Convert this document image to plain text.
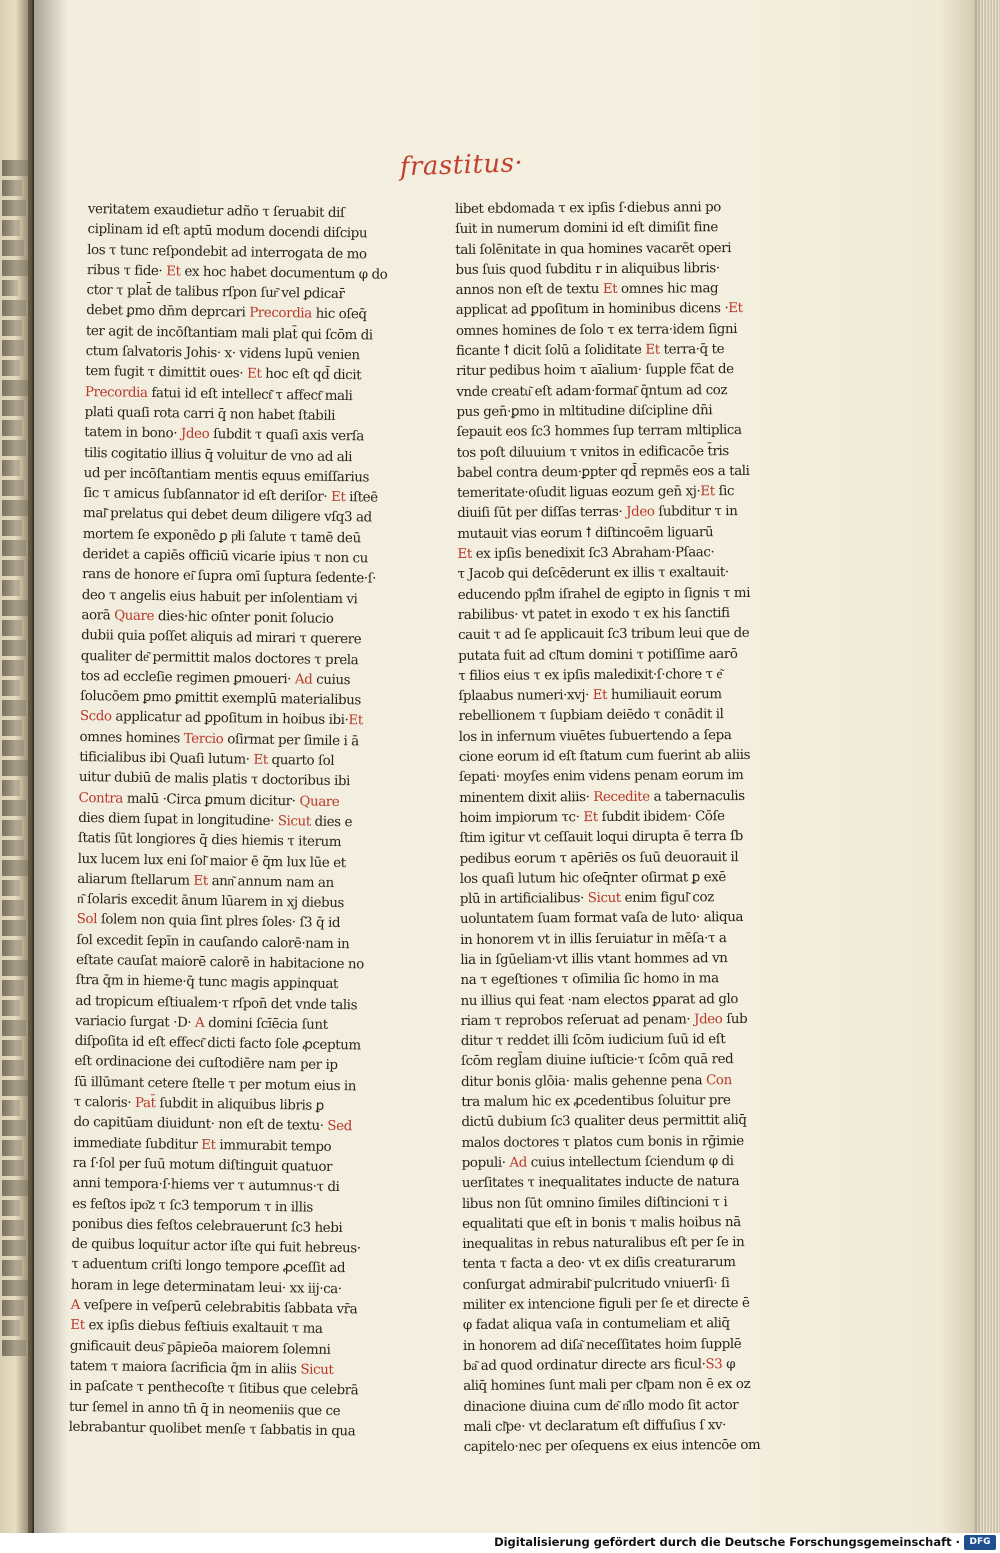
frastitus·
veritatem exaudietur adño τ ſeruabit diſ
ciplinam id eſt aptū modum docendi diſcipu
los τ tunc reſpondebit ad interrogata de mo
ribus τ fide· Et ex hoc habet documentum φ do
ctor τ plat̄ de talibus rſpon ſur͂ vel ꝑdicar̄
debet ꝑmo dn̄m deprcari Precordia hic oſeq̄
ter agit de incōſtantiam mali plat̄ qui ſcōm di
ctum ſalvatoris Johis· x· videns lupū venien
tem fugit τ dimittit oues· Et hoc eſt qd̄ dicit
Precordia fatui id eſt intellect͂ τ affect͂ mali
plati quaſi rota carri q̄ non habet ſtabili
tatem in bono· Jdeo ſubdit τ quaſi axis verſa
tilis cogitatio illius q̄ voluitur de vno ad ali
ud per incōſtantiam mentis equus emiſſarius
ſic τ amicus ſubſannator id eſt deriſor· Et iſteē
mal͂ prelatus qui debet deum diligere vſq3 ad
mortem ſe exponēdo ꝑ pͥli ſalute τ tamē deū
deridet a capiēs officiū vicarie ipius τ non cu
rans de honore ei͂ ſupra omī ſuptura ſedente·ſ·
deo τ angelis eius habuit per inſolentiam vi
aorā Quare dies·hic oſnter ponit ſolucio
dubii quia poſſet aliquis ad mirari τ querere
qualiter de͂ permittit malos doctores τ prela
tos ad eccleſie regimen ꝑmoueri· Ad cuius
ſolucōem ꝑmo ꝑmittit exemplū materialibus
Scdo applicatur ad ꝑpoſitum in hoibus ibi·Et
omnes homines Tercio oſirmat per ſimile i ā
tificialibus ibi Quaſi lutum· Et quarto ſol
uitur dubiū de malis platis τ doctoribus ibi
Contra malū ·Circa ꝑmum dicitur· Quare
dies diem ſupat in longitudine· Sicut dies e
ſtatis ſūt longiores q̄ dies hiemis τ iterum
lux lucem lux eni ſol͂ maior ē q̄m lux lūe et
aliarum ſtellarum Et ann͂ annum nam an
n͂ ſolaris excedit ānum lūarem in xj diebus
Sol ſolem non quia ſint plres ſoles· ſ3 q̄ id
ſol excedit ſepīn in cauſando calorē·nam in
eſtate cauſat maiorē calorē in habitacione no
ſtra q̄m in hieme·q̄ tunc magis appinquat
ad tropicum eſtiualem·τ rſpon̄ det vnde talis
variacio ſurgat ·D· A domini ſcīēcia ſunt
diſpoſita id eſt effect͂ dicti facto ſole ꝓceptum
eſt ordinacione dei cuſtodiēre nam per ip
ſū illūmant cetere ſtelle τ per motum eius in
τ caloris· Pat̄ ſubdit in aliquibus libris ꝑ
do capitūam diuidunt· non eſt de textu· Sed
immediate ſubditur Et immurabit tempo
ra ſ·ſol per ſuū motum diſtinguit quatuor
anni tempora·ſ·hiems ver τ autumnus·τ di
es feſtos ipo͂z τ ſc3 temporum τ in illis
ponibus dies feſtos celebrauerunt ſc3 hebi
de quibus loquitur actor iſte qui fuit hebreus·
τ aduentum criſti longo tempore ꝓceſſit ad
horam in lege determinatam leui· xx iij·ca·
A veſpere in veſperū celebrabitis ſabbata vr̄a
Et ex ipſis diebus feſtiuis exaltauit τ ma
gnificauit deus͂ pāpieōa maiorem ſolemni
tatem τ maiora ſacrificia q̄m in aliis Sicut
in paſcate τ penthecoſte τ ſitibus que celebrā
tur ſemel in anno tn̄ q̄ in neomeniis que ce
lebrabantur quolibet menſe τ ſabbatis in qua
libet ebdomada τ ex ipſis ſ·diebus anni po
ſuit in numerum domini id eſt dimiſit fine
tali ſolēnitate in qua homines vacarēt operi
bus ſuis quod ſubditu r in aliquibus libris·
annos non eſt de textu Et omnes hic mag
applicat ad ꝑpoſitum in hominibus dicens ·Et
omnes homines de ſolo τ ex terra·idem ſigni
ficante ꝉ dicit ſolū a ſoliditate Et terra·q̄ te
ritur pedibus hoim τ aīalium· ſupple fc̄at de
vnde creatu͂ eſt adam·format͂ q̄ntum ad coz
pus gen̄·ꝑmo in mltitudine diſcipline dn̄i
ſepauit eos ſc3 hommes ſup terram mltiplica
tos poſt diluuium τ vnitos in edificacōe t̄ris
babel contra deum·ꝑpter qd̄ repmēs eos a tali
temeritate·oſudit liguas eozum gen̄ xj·Et ſic
diuiſi ſūt per diſſas terras· Jdeo ſubditur τ in
mutauit vias eorum ꝉ diſtincoēm liguarū
Et ex ipſis benedixit ſc3 Abraham·Pſaac·
τ Jacob qui deſcēderunt ex illis τ exaltauit·
educendo pp͂lm iſrahel de egipto in ſignis τ mi
rabilibus· vt patet in exodo τ ex his ſanctifi
cauit τ ad ſe applicauit ſc3 tribum leui que de
putata fuit ad cl͂tum domini τ potiſſime aarō
τ filios eius τ ex ipſis maledixit·ſ·chore τ e͂
ſplaabus numeri·xvj· Et humiliauit eorum
rebellionem τ ſupbiam deiēdo τ conādit il
los in infernum viuētes ſubuertendo a ſepa
cione eorum id eſt ſtatum cum fuerint ab aliis
ſepati· moyſes enim videns penam eorum im
minentem dixit aliis· Recedite a tabernaculis
hoim impiorum τc· Et ſubdit ibidem· Cōſe
ſtim igitur vt ceſſauit loqui dirupta ē terra ſb
pedibus eorum τ apēriēs os ſuū deuorauit il
los quaſi lutum hic oſeq̄nter oſirmat ꝑ exē
plū in artificialibus· Sicut enim figul͂ coz
uoluntatem ſuam format vaſa de luto· aliqua
in honorem vt in illis ſeruiatur in mēſa·τ a
lia in ſgūeliam·vt illis vtant hommes ad vn
na τ egeſtiones τ oſimilia ſic homo in ma
nu illius qui feat ·nam electos ꝑparat ad glo
riam τ reprobos reſeruat ad penam· Jdeo ſub
ditur τ reddet illi ſcōm iudicium ſuū id eſt
ſcōm regl̄am diuine iuſticie·τ ſcōm quā red
ditur bonis glōia· malis gehenne pena Con
tra malum hic ex ꝓcedentibus ſoluitur pre
dictū dubium ſc3 qualiter deus permittit aliq̄
malos doctores τ platos cum bonis in rḡimie
populi· Ad cuius intellectum ſciendum φ di
uerſitates τ inequalitates inducte de natura
libus non ſūt omnino ſimiles diſtincioni τ i
equalitati que eſt in bonis τ malis hoibus nā
inequalitas in rebus naturalibus eſt per ſe in
tenta τ facta a deo· vt ex diſis creaturarum
conſurgat admirabil͂ pulcritudo vniuerſi· ſi
militer ex intencione figuli per ſe et directe ē
φ fadat aliqua vaſa in contumeliam et aliq̄
in honorem ad diſa͂ neceſſitates hoim ſupplē
ba͂ ad quod ordinatur directe ars ficul·S3 φ
aliq̄ homines ſunt mali per cl͂pam non ē ex oz
dinacione diuina cum de͂ n͂llo modo ſit actor
mali cl͂pe· vt declaratum eſt diffuſius ſ xv·
capitelo·nec per oſequens ex eius intencōe om
Digitalisierung gefördert durch die Deutsche Forschungsgemeinschaft ·	DFG
